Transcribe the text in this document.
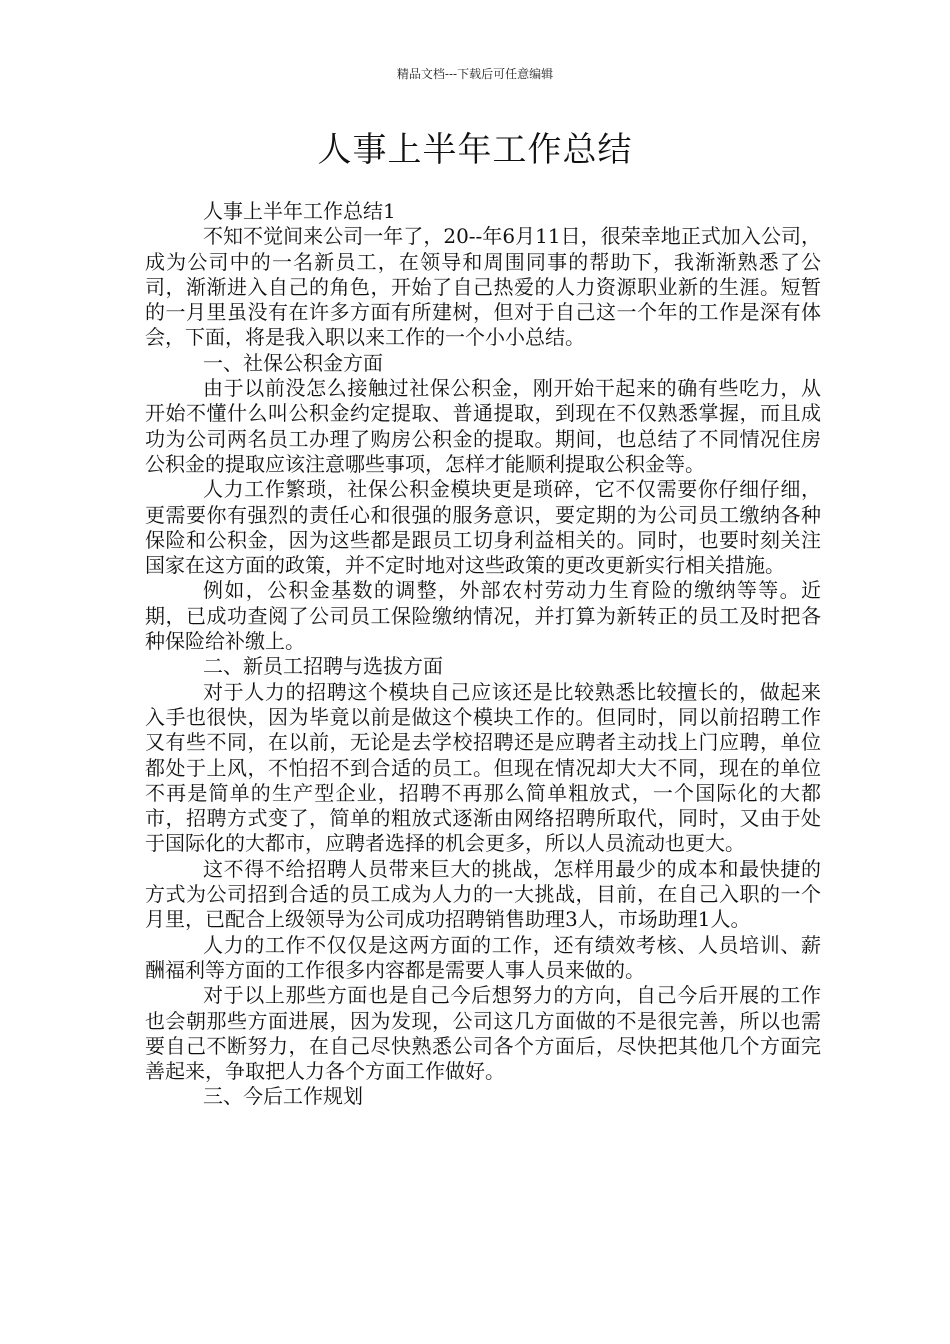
精品文档---下载后可任意编辑
人事上半年工作总结

人事上半年工作总结1

不知不觉间来公司一年了，20--年6月11日，很荣幸地正式加入公司，成为公司中的一名新员工，在领导和周围同事的帮助下，我渐渐熟悉了公司，渐渐进入自己的角色，开始了自己热爱的人力资源职业新的生涯。短暂的一月里虽没有在许多方面有所建树，但对于自己这一个年的工作是深有体会，下面，将是我入职以来工作的一个小小总结。

一、社保公积金方面

由于以前没怎么接触过社保公积金，刚开始干起来的确有些吃力，从开始不懂什么叫公积金约定提取、普通提取，到现在不仅熟悉掌握，而且成功为公司两名员工办理了购房公积金的提取。期间，也总结了不同情况住房公积金的提取应该注意哪些事项，怎样才能顺利提取公积金等。

人力工作繁琐，社保公积金模块更是琐碎，它不仅需要你仔细仔细，更需要你有强烈的责任心和很强的服务意识，要定期的为公司员工缴纳各种保险和公积金，因为这些都是跟员工切身利益相关的。同时，也要时刻关注国家在这方面的政策，并不定时地对这些政策的更改更新实行相关措施。

例如，公积金基数的调整，外部农村劳动力生育险的缴纳等等。近期，已成功查阅了公司员工保险缴纳情况，并打算为新转正的员工及时把各种保险给补缴上。

二、新员工招聘与选拔方面

对于人力的招聘这个模块自己应该还是比较熟悉比较擅长的，做起来入手也很快，因为毕竟以前是做这个模块工作的。但同时，同以前招聘工作又有些不同，在以前，无论是去学校招聘还是应聘者主动找上门应聘，单位都处于上风，不怕招不到合适的员工。但现在情况却大大不同，现在的单位不再是简单的生产型企业，招聘不再那么简单粗放式，一个国际化的大都市，招聘方式变了，简单的粗放式逐渐由网络招聘所取代，同时，又由于处于国际化的大都市，应聘者选择的机会更多，所以人员流动也更大。

这不得不给招聘人员带来巨大的挑战，怎样用最少的成本和最快捷的方式为公司招到合适的员工成为人力的一大挑战，目前，在自己入职的一个月里，已配合上级领导为公司成功招聘销售助理3人，市场助理1人。

人力的工作不仅仅是这两方面的工作，还有绩效考核、人员培训、薪酬福利等方面的工作很多内容都是需要人事人员来做的。

对于以上那些方面也是自己今后想努力的方向，自己今后开展的工作也会朝那些方面进展，因为发现，公司这几方面做的不是很完善，所以也需要自己不断努力，在自己尽快熟悉公司各个方面后，尽快把其他几个方面完善起来，争取把人力各个方面工作做好。

三、今后工作规划
